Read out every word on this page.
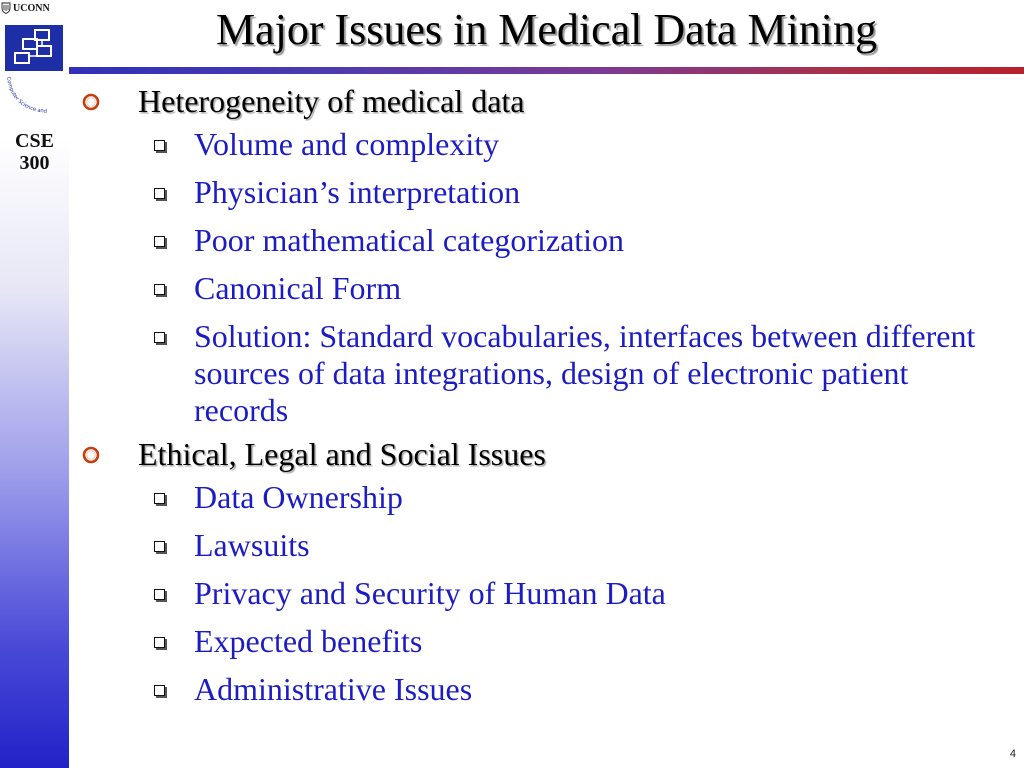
UCONN
Computer Science and
CSE
300
Major Issues in Medical Data Mining
Heterogeneity of medical data
Volume and complexity
Physician’s interpretation
Poor mathematical categorization
Canonical Form
Solution: Standard vocabularies, interfaces between different sources of data integrations, design of electronic patient records
Ethical, Legal and Social Issues
Data Ownership
Lawsuits
Privacy and Security of Human Data
Expected benefits
Administrative Issues
4
